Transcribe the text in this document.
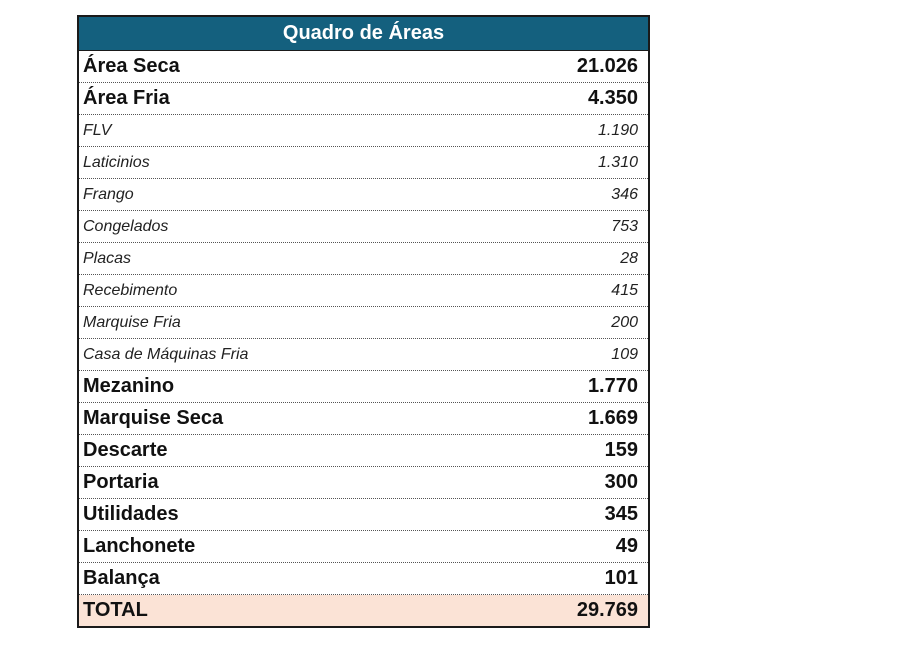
Quadro de Áreas
Área Seca	21.026
Área Fria	4.350
FLV	1.190
Laticinios	1.310
Frango	346
Congelados	753
Placas	28
Recebimento	415
Marquise Fria	200
Casa de Máquinas Fria	109
Mezanino	1.770
Marquise Seca	1.669
Descarte	159
Portaria	300
Utilidades	345
Lanchonete	49
Balança	101
TOTAL	29.769
